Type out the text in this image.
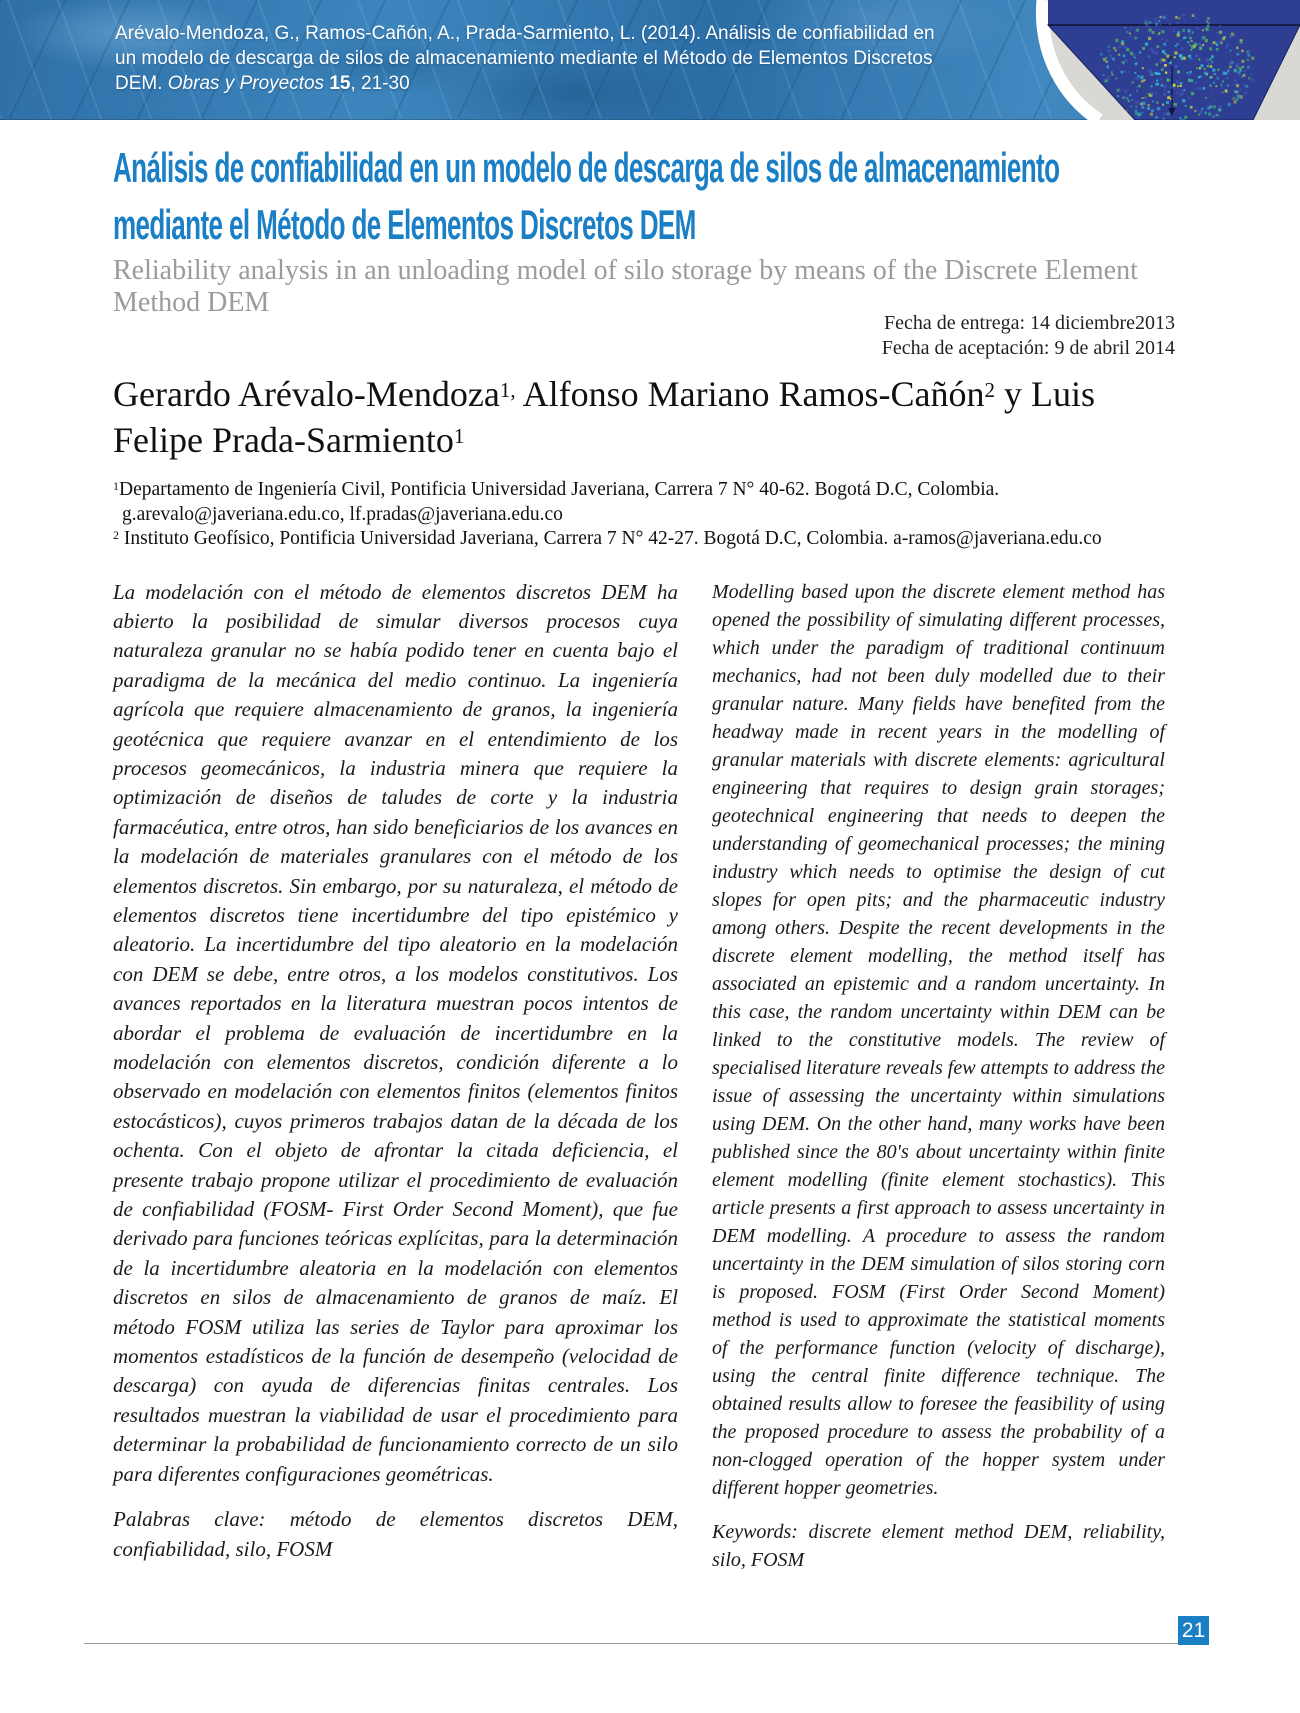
Arévalo-Mendoza, G., Ramos-Cañón, A., Prada-Sarmiento, L. (2014). Análisis de confiabilidad en
un modelo de descarga de silos de almacenamiento mediante el Método de Elementos Discretos
DEM. Obras y Proyectos 15, 21-30
z
Análisis de confiabilidad en un modelo de descarga de silos de almacenamiento
mediante el Método de Elementos Discretos DEM
Reliability analysis in an unloading model of silo storage by means of the Discrete Element
Method DEM
Fecha de entrega: 14 diciembre2013
Fecha de aceptación: 9 de abril 2014
Gerardo Arévalo-Mendoza$^{1,}$ Alfonso Mariano Ramos-Cañón$^2$ y Luis
Felipe Prada-Sarmiento$^1$
$^1$Departamento de Ingeniería Civil, Pontificia Universidad Javeriana, Carrera 7 N° 40-62. Bogotá D.C, Colombia.
g.arevalo@javeriana.edu.co, lf.pradas@javeriana.edu.co
$^2$ Instituto Geofísico, Pontificia Universidad Javeriana, Carrera 7 N° 42-27. Bogotá D.C, Colombia. a-ramos@javeriana.edu.co
La modelación con el método de elementos discretos DEM ha abierto la posibilidad de simular diversos procesos cuya naturaleza granular no se había podido tener en cuenta bajo el paradigma de la mecánica del medio continuo. La ingeniería agrícola que requiere almacenamiento de granos, la ingeniería geotécnica que requiere avanzar en el entendimiento de los procesos geomecánicos, la industria minera que requiere la optimización de diseños de taludes de corte y la industria farmacéutica, entre otros, han sido beneficiarios de los avances en la modelación de materiales granulares con el método de los elementos discretos. Sin embargo, por su naturaleza, el método de elementos discretos tiene incertidumbre del tipo epistémico y aleatorio. La incertidumbre del tipo aleatorio en la modelación con DEM se debe, entre otros, a los modelos constitutivos. Los avances reportados en la literatura muestran pocos intentos de abordar el problema de evaluación de incertidumbre en la modelación con elementos discretos, condición diferente a lo observado en modelación con elementos finitos (elementos finitos estocásticos), cuyos primeros trabajos datan de la década de los ochenta. Con el objeto de afrontar la citada deficiencia, el presente trabajo propone utilizar el procedimiento de evaluación de confiabilidad (FOSM- First Order Second Moment), que fue derivado para funciones teóricas explícitas, para la determinación de la incertidumbre aleatoria en la modelación con elementos discretos en silos de almacenamiento de granos de maíz. El método FOSM utiliza las series de Taylor para aproximar los momentos estadísticos de la función de desempeño (velocidad de descarga) con ayuda de diferencias finitas centrales. Los resultados muestran la viabilidad de usar el procedimiento para determinar la probabilidad de funcionamiento correcto de un silo para diferentes configuraciones geométricas.
Palabras clave: método de elementos discretos DEM, confiabilidad, silo, FOSM
Modelling based upon the discrete element method has opened the possibility of simulating different processes, which under the paradigm of traditional continuum mechanics, had not been duly modelled due to their granular nature. Many fields have benefited from the headway made in recent years in the modelling of granular materials with discrete elements: agricultural engineering that requires to design grain storages; geotechnical engineering that needs to deepen the understanding of geomechanical processes; the mining industry which needs to optimise the design of cut slopes for open pits; and the pharmaceutic industry among others. Despite the recent developments in the discrete element modelling, the method itself has associated an epistemic and a random uncertainty. In this case, the random uncertainty within DEM can be linked to the constitutive models. The review of specialised literature reveals few attempts to address the issue of assessing the uncertainty within simulations using DEM. On the other hand, many works have been published since the 80's about uncertainty within finite element modelling (finite element stochastics). This article presents a first approach to assess uncertainty in DEM modelling. A procedure to assess the random uncertainty in the DEM simulation of silos storing corn is proposed. FOSM (First Order Second Moment) method is used to approximate the statistical moments of the performance function (velocity of discharge), using the central finite difference technique. The obtained results allow to foresee the feasibility of using the proposed procedure to assess the probability of a non-clogged operation of the hopper system under different hopper geometries.
Keywords: discrete element method DEM, reliability, silo, FOSM
21
